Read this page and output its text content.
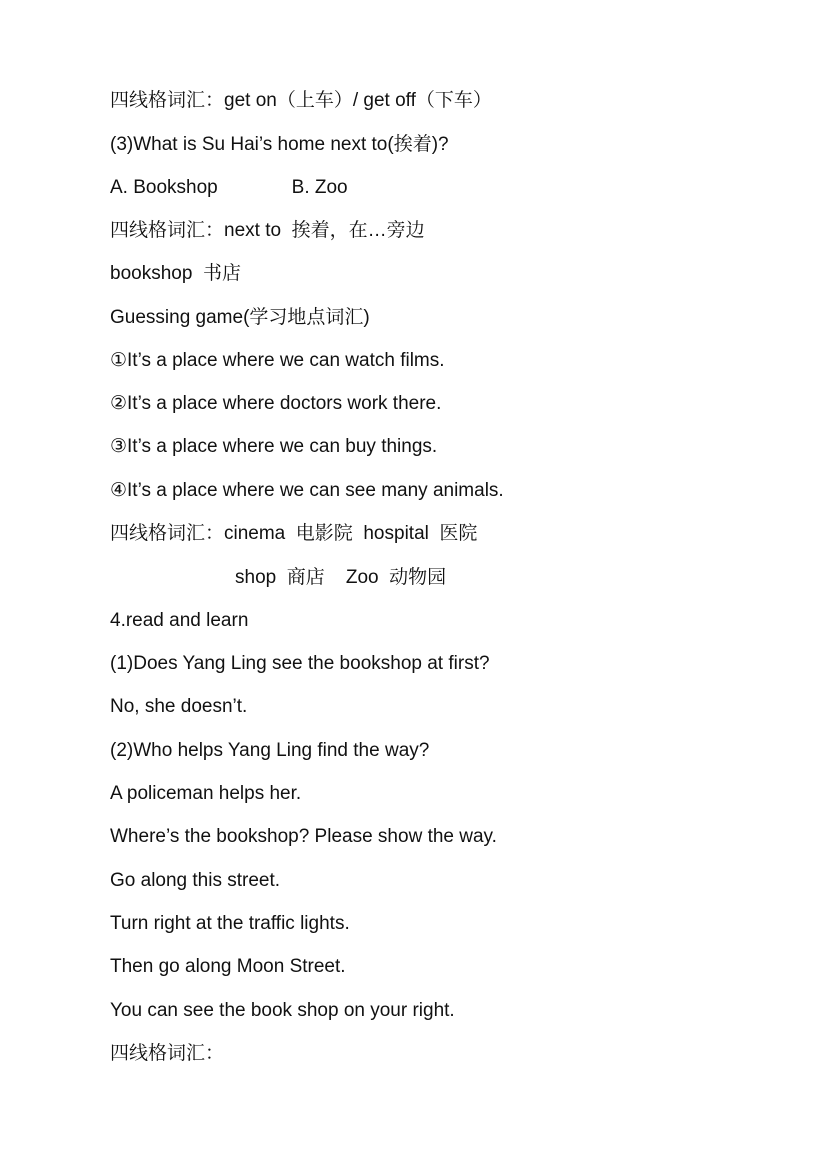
四线格词汇：get on（上车）/ get off（下车）
(3)What is Su Hai’s home next to(挨着)?
A. Bookshop              B. Zoo
四线格词汇：next to  挨着，在…旁边
bookshop  书店
Guessing game(学习地点词汇)
①It’s a place where we can watch films.
②It’s a place where doctors work there.
③It’s a place where we can buy things.
④It’s a place where we can see many animals.
四线格词汇：cinema  电影院  hospital  医院
shop  商店    Zoo  动物园
4.read and learn
(1)Does Yang Ling see the bookshop at first?
No, she doesn’t.
(2)Who helps Yang Ling find the way?
A policeman helps her.
Where’s the bookshop? Please show the way.
Go along this street.
Turn right at the traffic lights.
Then go along Moon Street.
You can see the book shop on your right.
四线格词汇：
